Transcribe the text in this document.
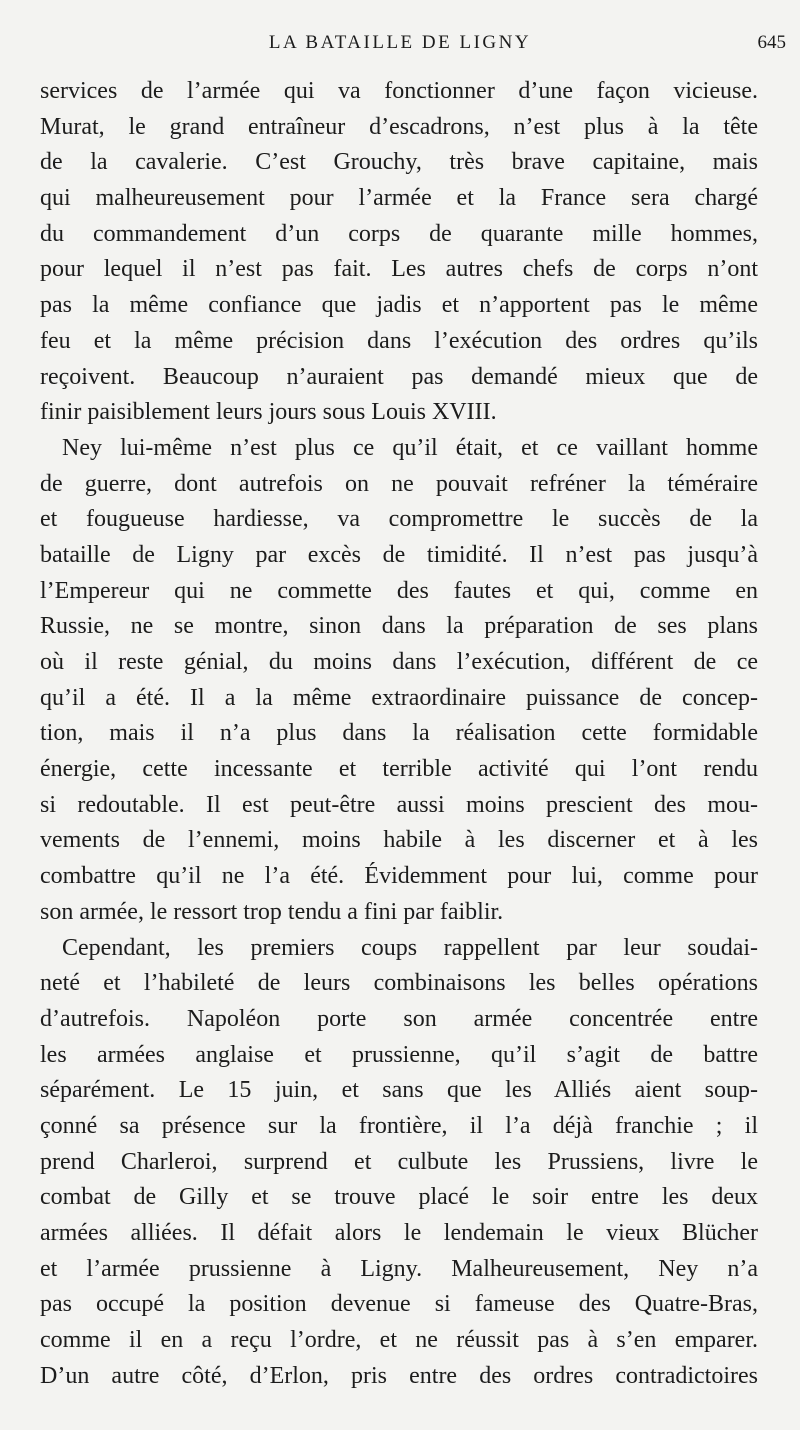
LA BATAILLE DE LIGNY	645
services de l’armée qui va fonctionner d’une façon vicieuse.
Murat, le grand entraîneur d’escadrons, n’est plus à la tête
de la cavalerie. C’est Grouchy, très brave capitaine, mais
qui malheureusement pour l’armée et la France sera chargé
du commandement d’un corps de quarante mille hommes,
pour lequel il n’est pas fait. Les autres chefs de corps n’ont
pas la même confiance que jadis et n’apportent pas le même
feu et la même précision dans l’exécution des ordres qu’ils
reçoivent. Beaucoup n’auraient pas demandé mieux que de
finir paisiblement leurs jours sous Louis XVIII.
Ney lui-même n’est plus ce qu’il était, et ce vaillant homme
de guerre, dont autrefois on ne pouvait refréner la téméraire
et fougueuse hardiesse, va compromettre le succès de la
bataille de Ligny par excès de timidité. Il n’est pas jusqu’à
l’Empereur qui ne commette des fautes et qui, comme en
Russie, ne se montre, sinon dans la préparation de ses plans
où il reste génial, du moins dans l’exécution, différent de ce
qu’il a été. Il a la même extraordinaire puissance de concep-
tion, mais il n’a plus dans la réalisation cette formidable
énergie, cette incessante et terrible activité qui l’ont rendu
si redoutable. Il est peut-être aussi moins prescient des mou-
vements de l’ennemi, moins habile à les discerner et à les
combattre qu’il ne l’a été. Évidemment pour lui, comme pour
son armée, le ressort trop tendu a fini par faiblir.
Cependant, les premiers coups rappellent par leur soudai-
neté et l’habileté de leurs combinaisons les belles opérations
d’autrefois. Napoléon porte son armée concentrée entre
les armées anglaise et prussienne, qu’il s’agit de battre
séparément. Le 15 juin, et sans que les Alliés aient soup-
çonné sa présence sur la frontière, il l’a déjà franchie ; il
prend Charleroi, surprend et culbute les Prussiens, livre le
combat de Gilly et se trouve placé le soir entre les deux
armées alliées. Il défait alors le lendemain le vieux Blücher
et l’armée prussienne à Ligny. Malheureusement, Ney n’a
pas occupé la position devenue si fameuse des Quatre-Bras,
comme il en a reçu l’ordre, et ne réussit pas à s’en emparer.
D’un autre côté, d’Erlon, pris entre des ordres contradictoires
